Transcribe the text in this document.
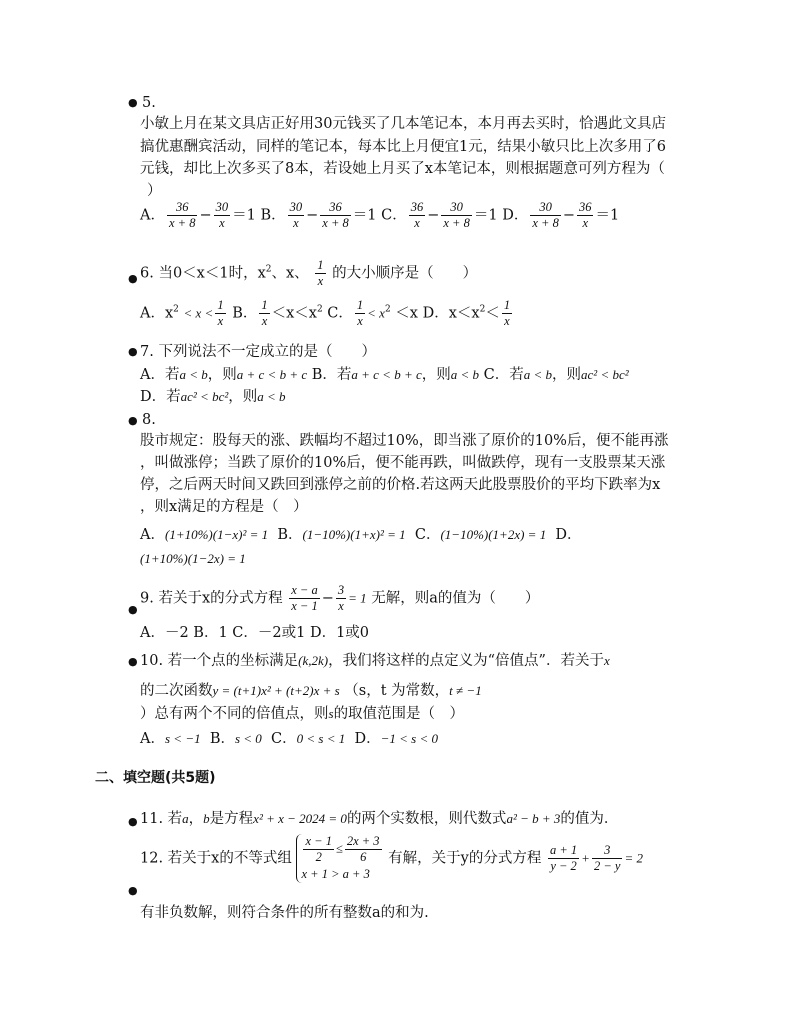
● 5.
小敏上月在某文具店正好用30元钱买了几本笔记本，本月再去买时，恰遇此文具店
搞优惠酬宾活动，同样的笔记本，每本比上月便宜1元，结果小敏只比上次多用了6
元钱，却比上次多买了8本，若设她上月买了x本笔记本，则根据题意可列方程为（
）
A． $\frac{36}{x + 8} - \frac{30}{x} =1$ B． $\frac{30}{x} - \frac{36}{x + 8} =1$ C． $\frac{36}{x} - \frac{30}{x + 8} =1$ D． $\frac{30}{x + 8} - \frac{36}{x} =1$
● 6. 当0＜x＜1时，$x^2$、x、 $\frac{1}{x}$ 的大小顺序是（　　）
A．$x^2 < x < \frac{1}{x}$ B． $\frac{1}{x} <x<x^2$ C． $\frac{1}{x} < x^2 <x$ D．$x<x^2< \frac{1}{x}$
● 7. 下列说法不一定成立的是（　　）
A．若a < b，则a + c < b + c B．若a + c < b + c，则a < b C．若a < b，则ac² < bc²
D．若ac² < bc²，则a < b
● 8.
股市规定：股每天的涨、跌幅均不超过10%，即当涨了原价的10%后，便不能再涨
，叫做涨停；当跌了原价的10%后，便不能再跌，叫做跌停，现有一支股票某天涨
停，之后两天时间又跌回到涨停之前的价格.若这两天此股票股价的平均下跌率为x
，则x满足的方程是（　）
A．(1+10%)(1−x)² = 1 B．(1−10%)(1+x)² = 1 C．(1−10%)(1+2x) = 1 D．
(1+10%)(1−2x) = 1
●
9. 若关于x的分式方程 $\frac{x - a}{x - 1} - \frac{3}{x} = 1$ 无解，则a的值为（　　）
A．－2 B．1 C．－2或1 D．1或0
● 10. 若一个点的坐标满足(k,2k)，我们将这样的点定义为“倍值点”．若关于x
的二次函数y = (t+1)x² + (t+2)x + s （s，t 为常数，t ≠ −1
）总有两个不同的倍值点，则s的取值范围是（　）
A．s < −1 B．s < 0 C．0 < s < 1 D．−1 < s < 0
二、填空题(共5题)
● 11. 若a，b是方程x² + x − 2024 = 0的两个实数根，则代数式a² − b + 3的值为．
●
12. 若关于x的不等式组 $\frac{x - 1}{2} \le \frac{2x + 3}{6}$
x + 1 > a + 3
有解，关于y的分式方程 $\frac{a + 1}{y - 2} + \frac{3}{2 - y} = 2$
有非负数解，则符合条件的所有整数a的和为.
